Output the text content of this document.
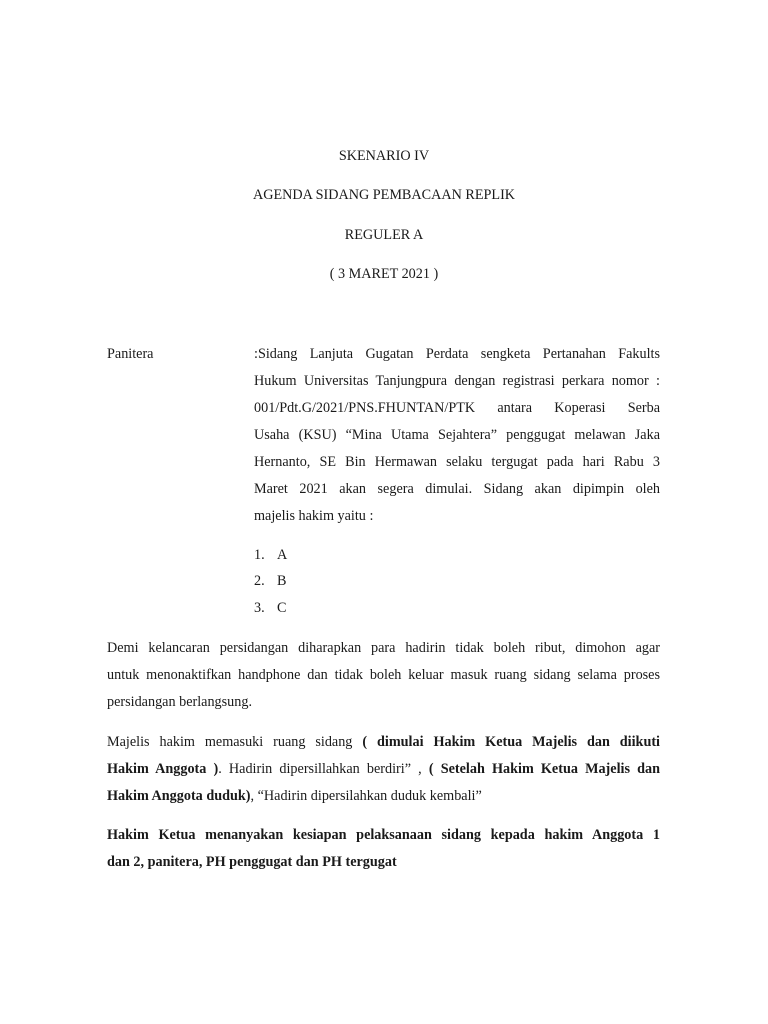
SKENARIO IV
AGENDA SIDANG PEMBACAAN REPLIK
REGULER A
( 3 MARET 2021 )
Panitera	:Sidang Lanjuta Gugatan Perdata sengketa Pertanahan Fakults
Hukum Universitas Tanjungpura dengan registrasi perkara nomor :
001/Pdt.G/2021/PNS.FHUNTAN/PTK antara Koperasi Serba
Usaha (KSU) “Mina Utama Sejahtera” penggugat melawan Jaka
Hernanto, SE Bin Hermawan selaku tergugat pada hari Rabu 3
Maret 2021 akan segera dimulai. Sidang akan dipimpin oleh
majelis hakim yaitu :
1. A
2. B
3. C
Demi kelancaran persidangan diharapkan para hadirin tidak boleh ribut, dimohon agar
untuk menonaktifkan handphone dan tidak boleh keluar masuk ruang sidang selama proses
persidangan berlangsung.
Majelis hakim memasuki ruang sidang ( dimulai Hakim Ketua Majelis dan diikuti
Hakim Anggota ). Hadirin dipersillahkan berdiri” , ( Setelah Hakim Ketua Majelis dan
Hakim Anggota duduk), “Hadirin dipersilahkan duduk kembali”
Hakim Ketua menanyakan kesiapan pelaksanaan sidang kepada hakim Anggota 1
dan 2, panitera, PH penggugat dan PH tergugat
